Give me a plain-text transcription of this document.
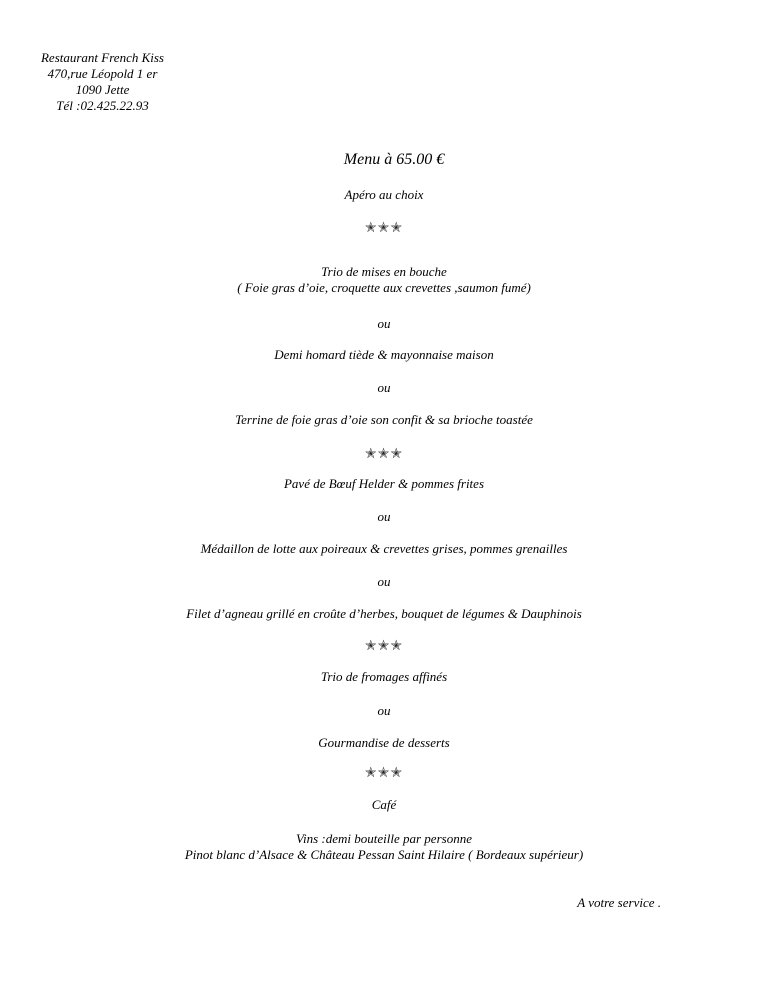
Restaurant French Kiss
470,rue Léopold 1 er
1090 Jette
Tél :02.425.22.93
Menu à 65.00 €
Apéro au choix
✭✭✭
Trio de mises en bouche
( Foie gras d’oie, croquette aux crevettes ,saumon fumé)
ou
Demi homard tiède & mayonnaise maison
ou
Terrine de foie gras d’oie son confit & sa brioche toastée
✭✭✭
Pavé de Bœuf Helder & pommes frites
ou
Médaillon de lotte aux poireaux & crevettes grises, pommes grenailles
ou
Filet d’agneau grillé en croûte d’herbes, bouquet de légumes & Dauphinois
✭✭✭
Trio de fromages affinés
ou
Gourmandise de desserts
✭✭✭
Café
Vins :demi bouteille par personne
Pinot blanc d’Alsace & Château Pessan Saint Hilaire ( Bordeaux supérieur)
A votre service .
